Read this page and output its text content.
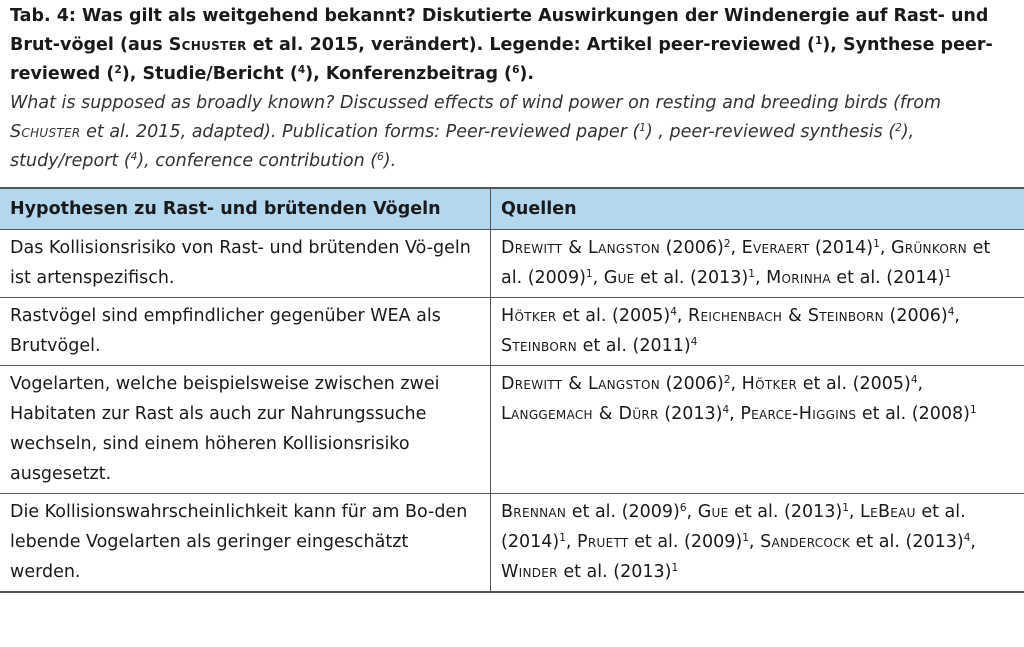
Tab. 4: Was gilt als weitgehend bekannt? Diskutierte Auswirkungen der Windenergie auf Rast- und Brut-vögel (aus Schuster et al. 2015, verändert). Legende: Artikel peer-reviewed ($^1$), Synthese peer-reviewed ($^2$), Studie/Bericht ($^4$), Konferenzbeitrag ($^6$).

What is supposed as broadly known? Discussed effects of wind power on resting and breeding birds (from Schuster et al. 2015, adapted). Publication forms: Peer-reviewed paper ($^1$) , peer-reviewed synthesis ($^2$), study/report ($^4$), conference contribution ($^6$).

Hypothesen zu Rast- und brütenden Vögeln	Quellen
Das Kollisionsrisiko von Rast- und brütenden Vö-geln ist artenspezifisch.	Drewitt & Langston $(2006)^2$, Everaert $(2014)^1$, Grünkorn et al. $(2009)^1$, Gue et al. $(2013)^1$, Morinha et al. $(2014)^1$
Rastvögel sind empfindlicher gegenüber WEA als Brutvögel.	Hötker et al. $(2005)^4$, Reichenbach & Steinborn $(2006)^4$, Steinborn et al. $(2011)^4$
Vogelarten, welche beispielsweise zwischen zwei Habitaten zur Rast als auch zur Nahrungssuche wechseln, sind einem höheren Kollisionsrisiko ausgesetzt.	Drewitt & Langston $(2006)^2$, Hötker et al. $(2005)^4$, Langgemach & Dürr $(2013)^4$, Pearce-Higgins et al. $(2008)^1$
Die Kollisionswahrscheinlichkeit kann für am Bo-den lebende Vogelarten als geringer eingeschätzt werden.	Brennan et al. $(2009)^6$, Gue et al. $(2013)^1$, LeBeau et al. $(2014)^1$, Pruett et al. $(2009)^1$, Sandercock et al. $(2013)^4$, Winder et al. $(2013)^1$
